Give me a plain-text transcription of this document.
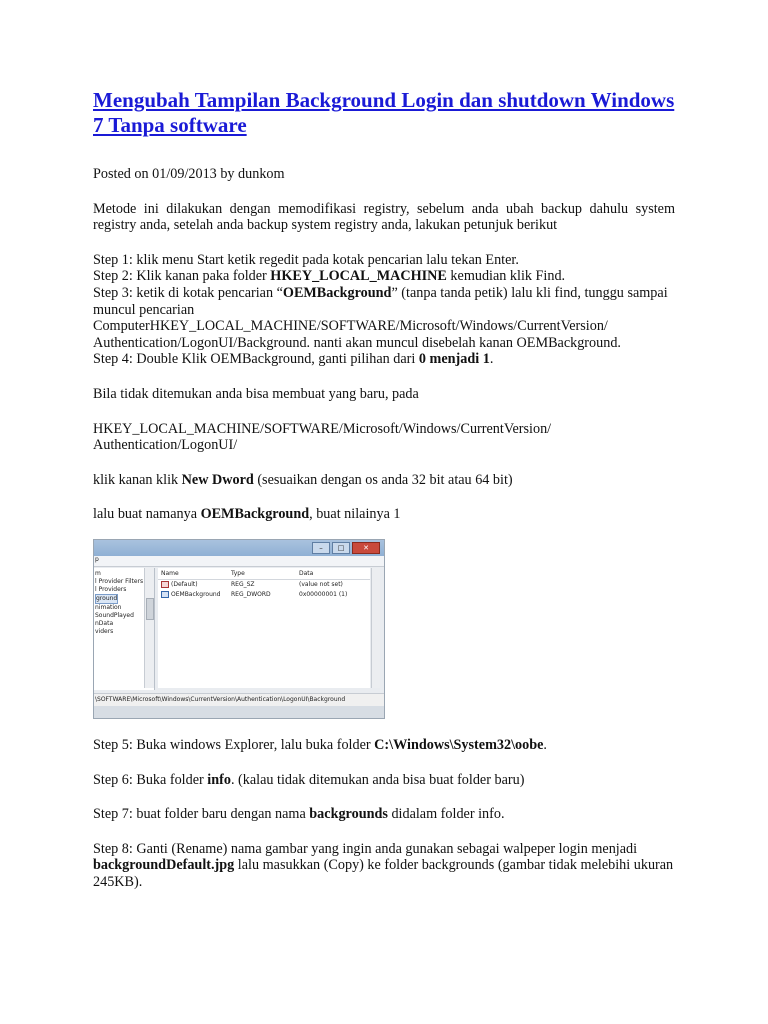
Mengubah Tampilan Background Login dan shutdown Windows 7 Tanpa software

Posted on 01/09/2013 by dunkom

Metode ini dilakukan dengan memodifikasi registry, sebelum anda ubah backup dahulu system registry anda, setelah anda backup system registry anda, lakukan petunjuk berikut

Step 1: klik menu Start ketik regedit pada kotak pencarian lalu tekan Enter.

Step 2: Klik kanan paka folder HKEY_LOCAL_MACHINE kemudian klik Find.

Step 3: ketik di kotak pencarian “OEMBackground” (tanpa tanda petik) lalu kli find, tunggu sampai muncul pencarian

ComputerHKEY_LOCAL_MACHINE/SOFTWARE/Microsoft/Windows/CurrentVersion/

Authentication/LogonUI/Background. nanti akan muncul disebelah kanan OEMBackground.

Step 4: Double Klik OEMBackground, ganti pilihan dari 0 menjadi 1.

Bila tidak ditemukan anda bisa membuat yang baru, pada

HKEY_LOCAL_MACHINE/SOFTWARE/Microsoft/Windows/CurrentVersion/

Authentication/LogonUI/

klik kanan klik New Dword (sesuaikan dengan os anda 32 bit atau 64 bit)

lalu buat namanya OEMBackground, buat nilainya 1

–	□	✕
p
m
l Provider Filters
l Providers
ground
nimation
SoundPlayed
nData
viders
Name	Type	Data
(Default)	REG_SZ	(value not set)
OEMBackground	REG_DWORD	0x00000001 (1)
\SOFTWARE\Microsoft\Windows\CurrentVersion\Authentication\LogonUI\Background

Step 5: Buka windows Explorer, lalu buka folder C:\Windows\System32\oobe.

Step 6: Buka folder info. (kalau tidak ditemukan anda bisa buat folder baru)

Step 7: buat folder baru dengan nama backgrounds didalam folder info.

Step 8: Ganti (Rename) nama gambar yang ingin anda gunakan sebagai walpeper login menjadi backgroundDefault.jpg lalu masukkan (Copy) ke folder backgrounds (gambar tidak melebihi ukuran 245KB).
